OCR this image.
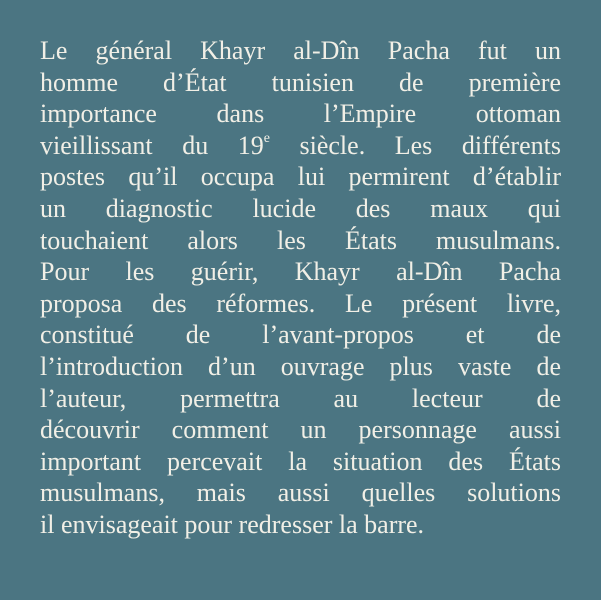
Le général Khayr al-Dîn Pacha fut un
homme d’État tunisien de première
importance dans l’Empire ottoman
vieillissant du 19e siècle. Les différents
postes qu’il occupa lui permirent d’établir
un diagnostic lucide des maux qui
touchaient alors les États musulmans.
Pour les guérir, Khayr al-Dîn Pacha
proposa des réformes. Le présent livre,
constitué de l’avant-propos et de
l’introduction d’un ouvrage plus vaste de
l’auteur, permettra au lecteur de
découvrir comment un personnage aussi
important percevait la situation des États
musulmans, mais aussi quelles solutions
il envisageait pour redresser la barre.
